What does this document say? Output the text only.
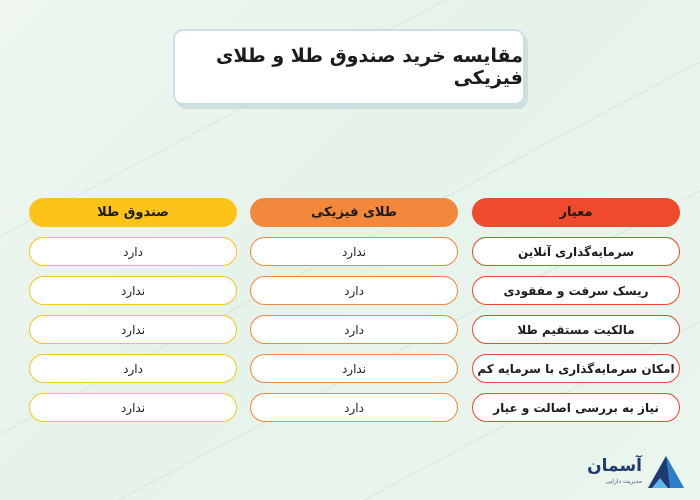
مقایسه خرید صندوق طلا و طلای فیزیکی
معیار
سرمایه‌گذاری آنلاین
ریسک سرقت و مفقودی
مالکیت مستقیم طلا
امکان سرمایه‌گذاری با سرمایه کم
نیاز به بررسی اصالت و عیار
طلای فیزیکی
ندارد
دارد
دارد
ندارد
دارد
صندوق طلا
دارد
ندارد
ندارد
دارد
ندارد
آسمان
مدیریت دارایی
